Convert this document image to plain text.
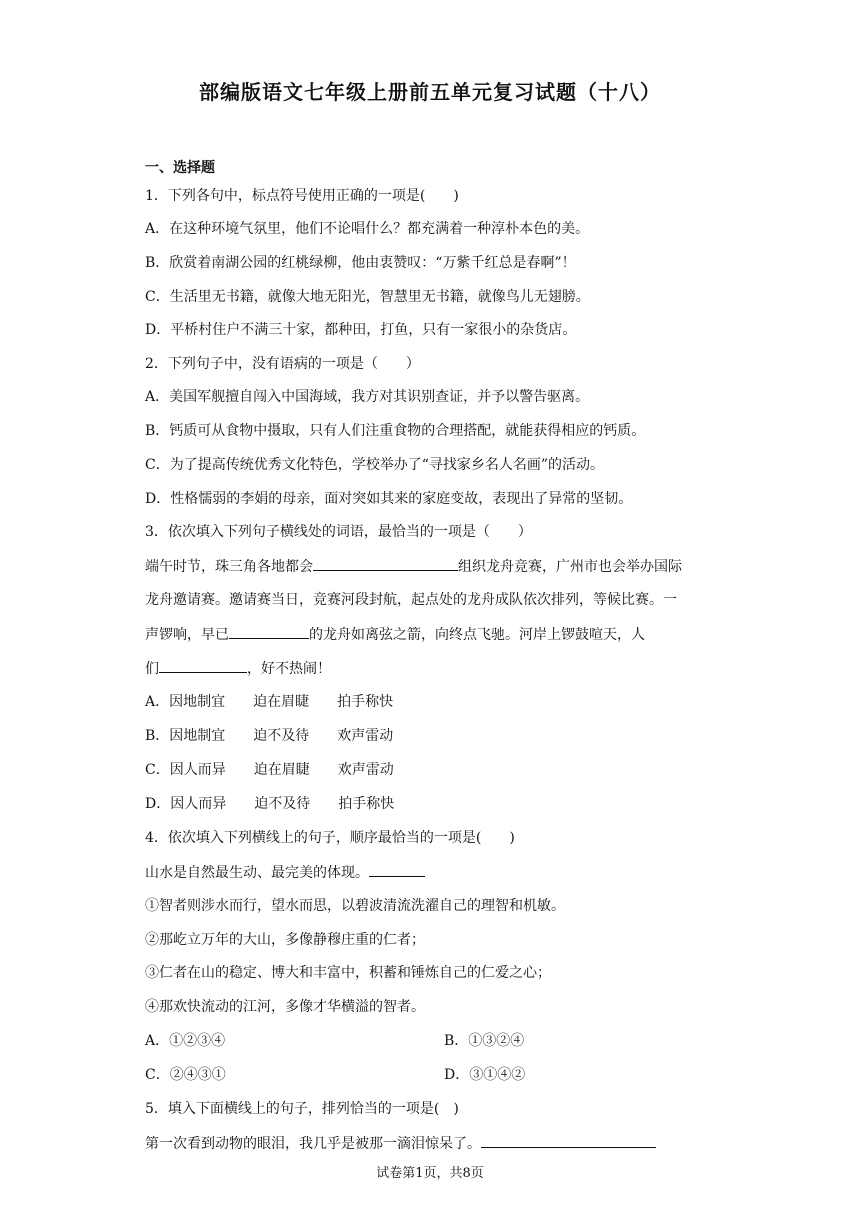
部编版语文七年级上册前五单元复习试题（十八）
一、选择题
1．下列各句中，标点符号使用正确的一项是(　　)
A．在这种环境气氛里，他们不论唱什么？都充满着一种淳朴本色的美。
B．欣赏着南湖公园的红桃绿柳，他由衷赞叹：“万紫千红总是春啊”！
C．生活里无书籍，就像大地无阳光，智慧里无书籍，就像鸟儿无翅膀。
D．平桥村住户不满三十家，都种田，打鱼，只有一家很小的杂货店。
2．下列句子中，没有语病的一项是（　　）
A．美国军舰擅自闯入中国海域，我方对其识别查证，并予以警告驱离。
B．钙质可从食物中摄取，只有人们注重食物的合理搭配，就能获得相应的钙质。
C．为了提高传统优秀文化特色，学校举办了“寻找家乡名人名画”的活动。
D．性格懦弱的李娟的母亲，面对突如其来的家庭变故，表现出了异常的坚韧。
3．依次填入下列句子横线处的词语，最恰当的一项是（　　）
端午时节，珠三角各地都会	组织龙舟竞赛，广州市也会举办国际
龙舟邀请赛。邀请赛当日，竞赛河段封航，起点处的龙舟成队依次排列，等候比赛。一
声锣响，早已	的龙舟如离弦之箭，向终点飞驰。河岸上锣鼓喧天，人
们	，好不热闹！
A．因地制宜 迫在眉睫 拍手称快
B．因地制宜 迫不及待 欢声雷动
C．因人而异 迫在眉睫 欢声雷动
D．因人而异 迫不及待 拍手称快
4．依次填入下列横线上的句子，顺序最恰当的一项是(　　)
山水是自然最生动、最完美的体现。
①智者则涉水而行，望水而思，以碧波清流洗濯自己的理智和机敏。
②那屹立万年的大山，多像静穆庄重的仁者；
③仁者在山的稳定、博大和丰富中，积蓄和锤炼自己的仁爱之心；
④那欢快流动的江河，多像才华横溢的智者。
A．①②③④	B．①③②④
C．②④③①	D．③①④②
5．填入下面横线上的句子，排列恰当的一项是(　)
第一次看到动物的眼泪，我几乎是被那一滴泪惊呆了。
试卷第1页，共8页
